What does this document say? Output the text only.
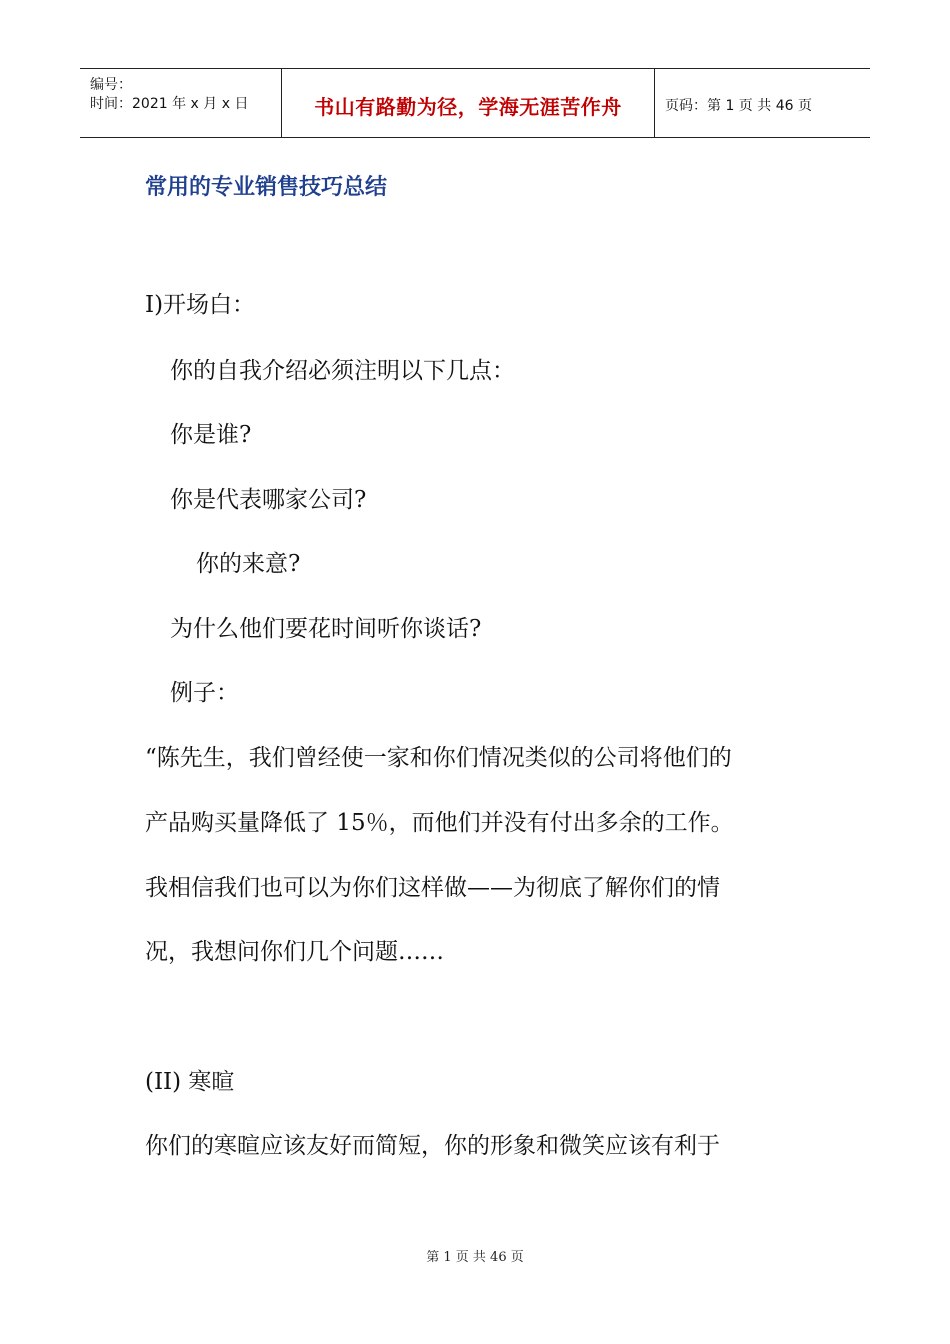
编号：
时间：2021 年 x 月 x 日	书山有路勤为径，学海无涯苦作舟	页码：第 1 页 共 46 页
常用的专业销售技巧总结
I)开场白：
你的自我介绍必须注明以下几点：
你是谁?
你是代表哪家公司?
你的来意?
为什么他们要花时间听你谈话?
例子：
“陈先生，我们曾经使一家和你们情况类似的公司将他们的
产品购买量降低了 15％，而他们并没有付出多余的工作。
我相信我们也可以为你们这样做——为彻底了解你们的情
况，我想问你们几个问题……
(II) 寒暄
你们的寒暄应该友好而简短，你的形象和微笑应该有利于
第 1 页 共 46 页
